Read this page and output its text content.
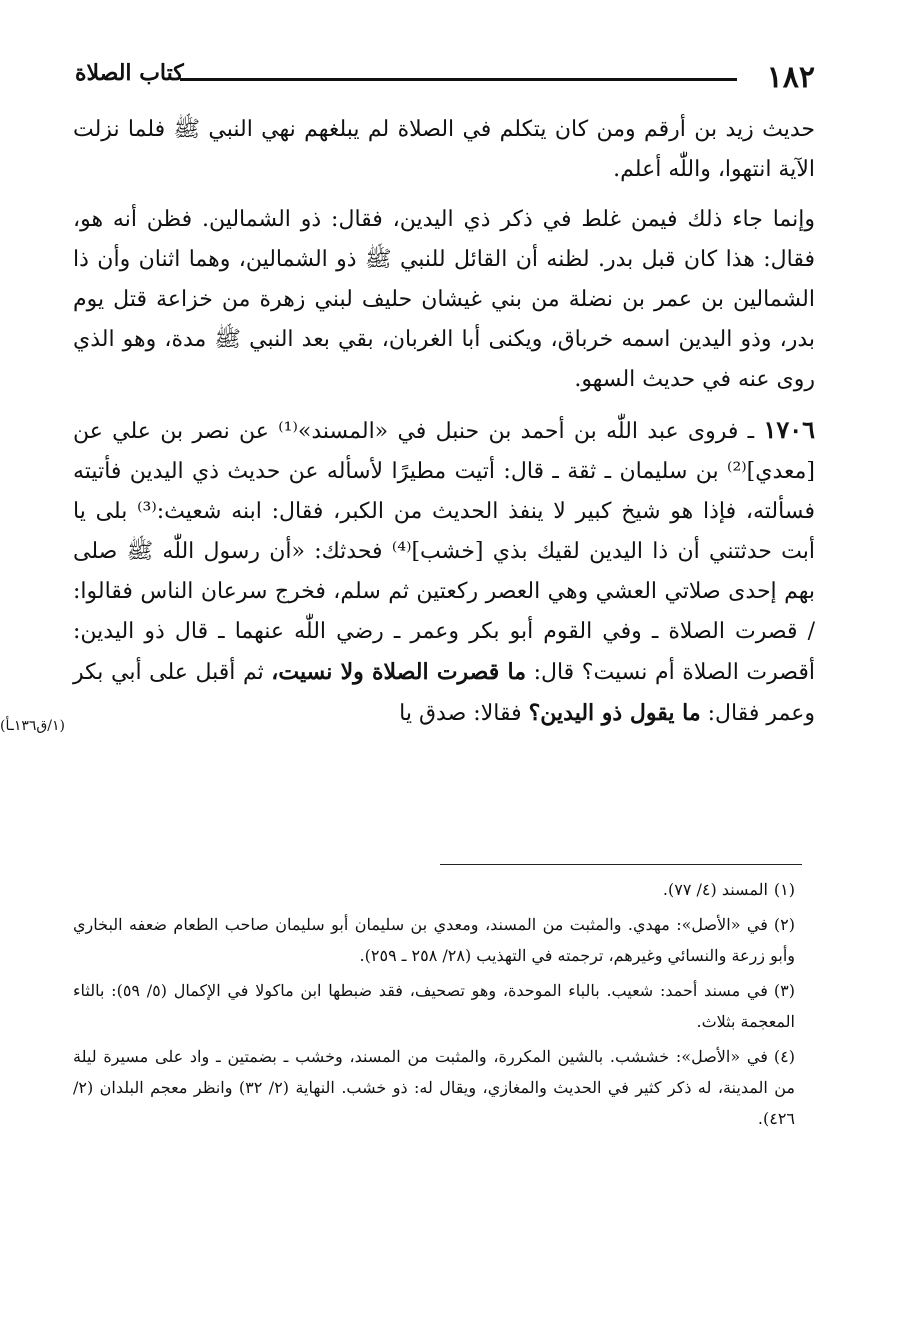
١٨٢
كتاب الصلاة

حديث زيد بن أرقم ومن كان يتكلم في الصلاة لم يبلغهم نهي النبي ﷺ فلما نزلت الآية انتهوا، واللّٰه أعلم.

وإنما جاء ذلك فيمن غلط في ذكر ذي اليدين، فقال: ذو الشمالين. فظن أنه هو، فقال: هذا كان قبل بدر. لظنه أن القائل للنبي ﷺ ذو الشمالين، وهما اثنان وأن ذا الشمالين بن عمر بن نضلة من بني غيشان حليف لبني زهرة من خزاعة قتل يوم بدر، وذو اليدين اسمه خرباق، ويكنى أبا الغربان، بقي بعد النبي ﷺ مدة، وهو الذي روى عنه في حديث السهو.

١٧٠٦ ـ فروى عبد اللّٰه بن أحمد بن حنبل في «المسند»⁽¹⁾ عن نصر بن علي عن [معدي]⁽²⁾ بن سليمان ـ ثقة ـ قال: أتيت مطيرًا لأسأله عن حديث ذي اليدين فأتيته فسألته، فإذا هو شيخ كبير لا ينفذ الحديث من الكبر، فقال: ابنه شعيث:⁽³⁾ بلى يا أبت حدثتني أن ذا اليدين لقيك بذي [خشب]⁽⁴⁾ فحدثك: «أن رسول اللّٰه ﷺ صلى بهم إحدى صلاتي العشي وهي العصر ركعتين ثم سلم، فخرج سرعان الناس فقالوا: / قصرت الصلاة ـ وفي القوم أبو بكر وعمر ـ رضي اللّٰه عنهما ـ قال ذو اليدين: أقصرت الصلاة أم نسيت؟ قال: ما قصرت الصلاة ولا نسيت، ثم أقبل على أبي بكر وعمر فقال: ما يقول ذو اليدين؟ فقالا: صدق يا

(١/ق١٣٦ـأ)

(١)المسند (٤/ ٧٧).

(٢)في «الأصل»: مهدي. والمثبت من المسند، ومعدي بن سليمان أبو سليمان صاحب الطعام ضعفه البخاري وأبو زرعة والنسائي وغيرهم، ترجمته في التهذيب (٢٨/ ٢٥٨ ـ ٢٥٩).

(٣)في مسند أحمد: شعيب. بالباء الموحدة، وهو تصحيف، فقد ضبطها ابن ماكولا في الإكمال (٥/ ٥٩): بالثاء المعجمة بثلاث.

(٤)في «الأصل»: خششب. بالشين المكررة، والمثبت من المسند، وخشب ـ بضمتين ـ واد على مسيرة ليلة من المدينة، له ذكر كثير في الحديث والمغازي، ويقال له: ذو خشب. النهاية (٢/ ٣٢) وانظر معجم البلدان (٢/ ٤٢٦).
